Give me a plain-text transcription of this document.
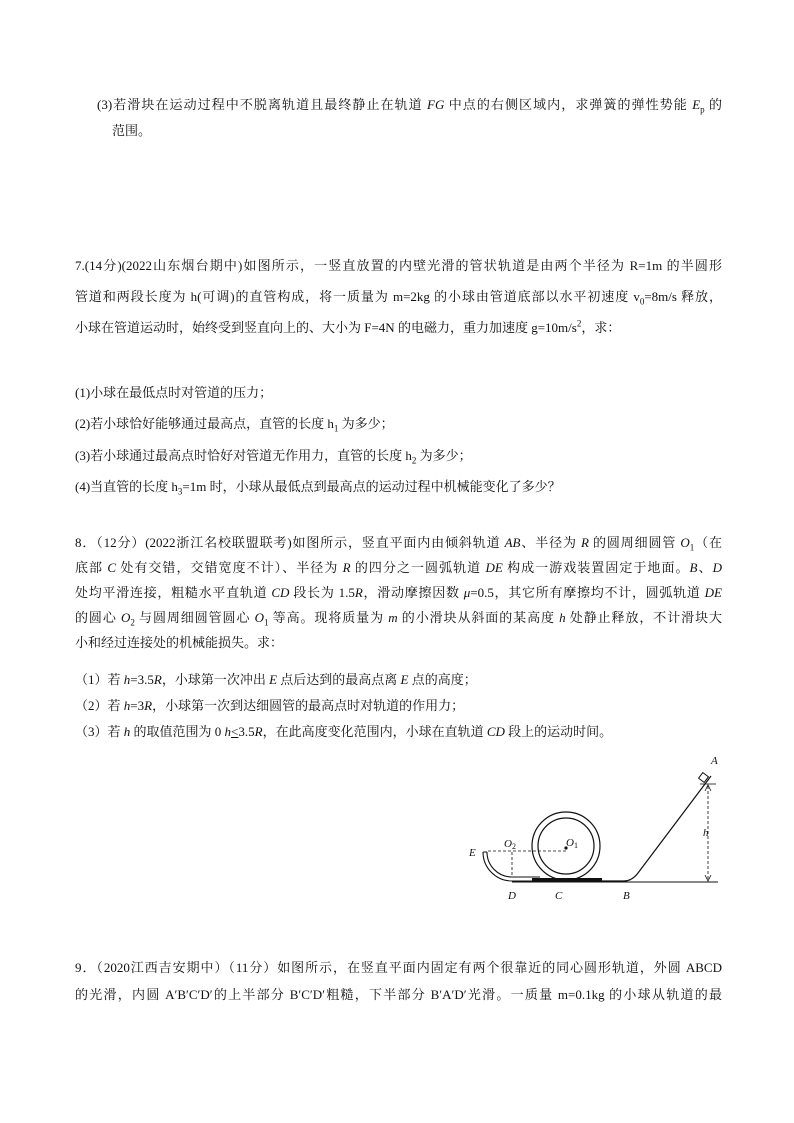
(3)若滑块在运动过程中不脱离轨道且最终静止在轨道 FG 中点的右侧区域内，求弹簧的弹性势能 $E_p$ 的
范围。
7.(14分)(2022山东烟台期中)如图所示，一竖直放置的内壁光滑的管状轨道是由两个半径为 R=1m 的半圆形
管道和两段长度为 h(可调)的直管构成，将一质量为 m=2kg 的小球由管道底部以水平初速度 $v_0=8m/s$ 释放，
小球在管道运动时，始终受到竖直向上的、大小为 F=4N 的电磁力，重力加速度 $g=10m/s^2$，求：
(1)小球在最低点时对管道的压力；
(2)若小球恰好能够通过最高点，直管的长度 $h_1$ 为多少；
(3)若小球通过最高点时恰好对管道无作用力，直管的长度 $h_2$ 为多少；
(4)当直管的长度 $h_3=1m$ 时，小球从最低点到最高点的运动过程中机械能变化了多少？
8．（12分）(2022浙江名校联盟联考)如图所示，竖直平面内由倾斜轨道 AB、半径为 R 的圆周细圆管 $O_1$（在
底部 C 处有交错，交错宽度不计）、半径为 R 的四分之一圆弧轨道 DE 构成一游戏装置固定于地面。B、D
处均平滑连接，粗糙水平直轨道 CD 段长为 1.5R，滑动摩擦因数 μ=0.5，其它所有摩擦均不计，圆弧轨道 DE
的圆心 $O_2$ 与圆周细圆管圆心 $O_1$ 等高。现将质量为 m 的小滑块从斜面的某高度 h 处静止释放，不计滑块大
小和经过连接处的机械能损失。求：
（1）若 h=3.5R，小球第一次冲出 E 点后达到的最高点离 E 点的高度；
（2）若 h=3R，小球第一次到达细圆管的最高点时对轨道的作用力；
（3）若 h 的取值范围为 0 h<3.5R，在此高度变化范围内，小球在直轨道 CD 段上的运动时间。
A
B
C
D
E
h
O2	O1
9．（2020江西吉安期中）（11分）如图所示，在竖直平面内固定有两个很靠近的同心圆形轨道，外圆 ABCD
的光滑，内圆 A′B′C′D′的上半部分 B′C′D′粗糙，下半部分 B′A′D′光滑。一质量 m=0.1kg 的小球从轨道的最
